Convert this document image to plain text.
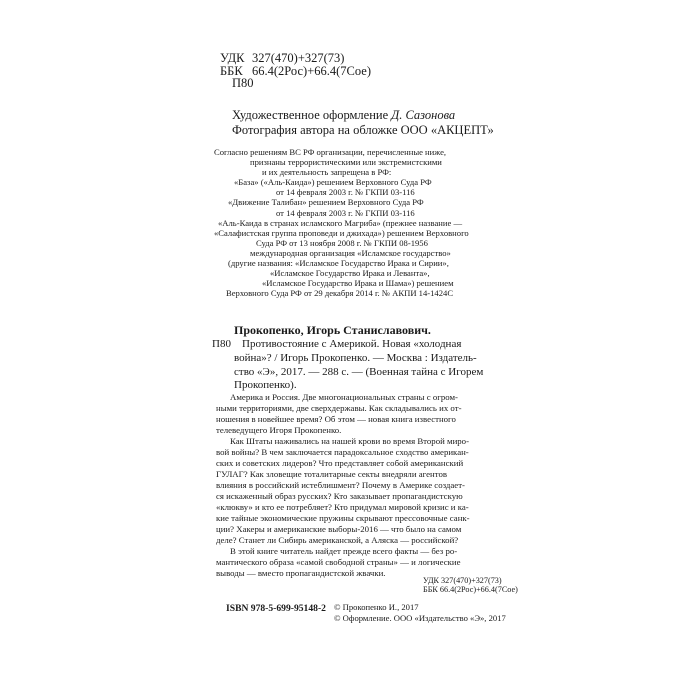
УДК 327(470)+327(73)
ББК 66.4(2Рос)+66.4(7Сое)
П80
Художественное оформление Д. Сазонова
Фотография автора на обложке ООО «АКЦЕПТ»
Согласно решениям ВС РФ организации, перечисленные ниже,
признаны террористическими или экстремистскими
и их деятельность запрещена в РФ:
«База» («Аль-Каида») решением Верховного Суда РФ
от 14 февраля 2003 г. № ГКПИ 03-116
«Движение Талибан» решением Верховного Суда РФ
от 14 февраля 2003 г. № ГКПИ 03-116
«Аль-Каида в странах исламского Магриба» (прежнее название —
«Салафистская группа проповеди и джихада») решением Верховного
Суда РФ от 13 ноября 2008 г. № ГКПИ 08-1956
международная организация «Исламское государство»
(другие названия: «Исламское Государство Ирака и Сирии»,
«Исламское Государство Ирака и Леванта»,
«Исламское Государство Ирака и Шама») решением
Верховного Суда РФ от 29 декабря 2014 г. № АКПИ 14-1424С
Прокопенко, Игорь Станиславович.
П80	Противостояние с Америкой. Новая «холодная
война»? / Игорь Прокопенко. — Москва : Издатель-
ство «Э», 2017. — 288 с. — (Военная тайна с Игорем
Прокопенко).
Америка и Россия. Две многонациональных страны с огром-
ными территориями, две сверхдержавы. Как складывались их от-
ношения в новейшее время? Об этом — новая книга известного
телеведущего Игоря Прокопенко.
Как Штаты наживались на нашей крови во время Второй миро-
вой войны? В чем заключается парадоксальное сходство американ-
ских и советских лидеров? Что представляет собой американский
ГУЛАГ? Как зловещие тоталитарные секты внедряли агентов
влияния в российский истеблишмент? Почему в Америке создает-
ся искаженный образ русских? Кто заказывает пропагандистскую
«клюкву» и кто ее потребляет? Кто придумал мировой кризис и ка-
кие тайные экономические пружины скрывают прессовочные санк-
ции? Хакеры и американские выборы-2016 — что было на самом
деле? Станет ли Сибирь американской, а Аляска — российской?
В этой книге читатель найдет прежде всего факты — без ро-
мантического образа «самой свободной страны» — и логические
выводы — вместо пропагандистской жвачки.
УДК 327(470)+327(73)
ББК 66.4(2Рос)+66.4(7Сое)
ISBN 978-5-699-95148-2 © Прокопенко И., 2017
© Оформление. ООО «Издательство «Э», 2017
